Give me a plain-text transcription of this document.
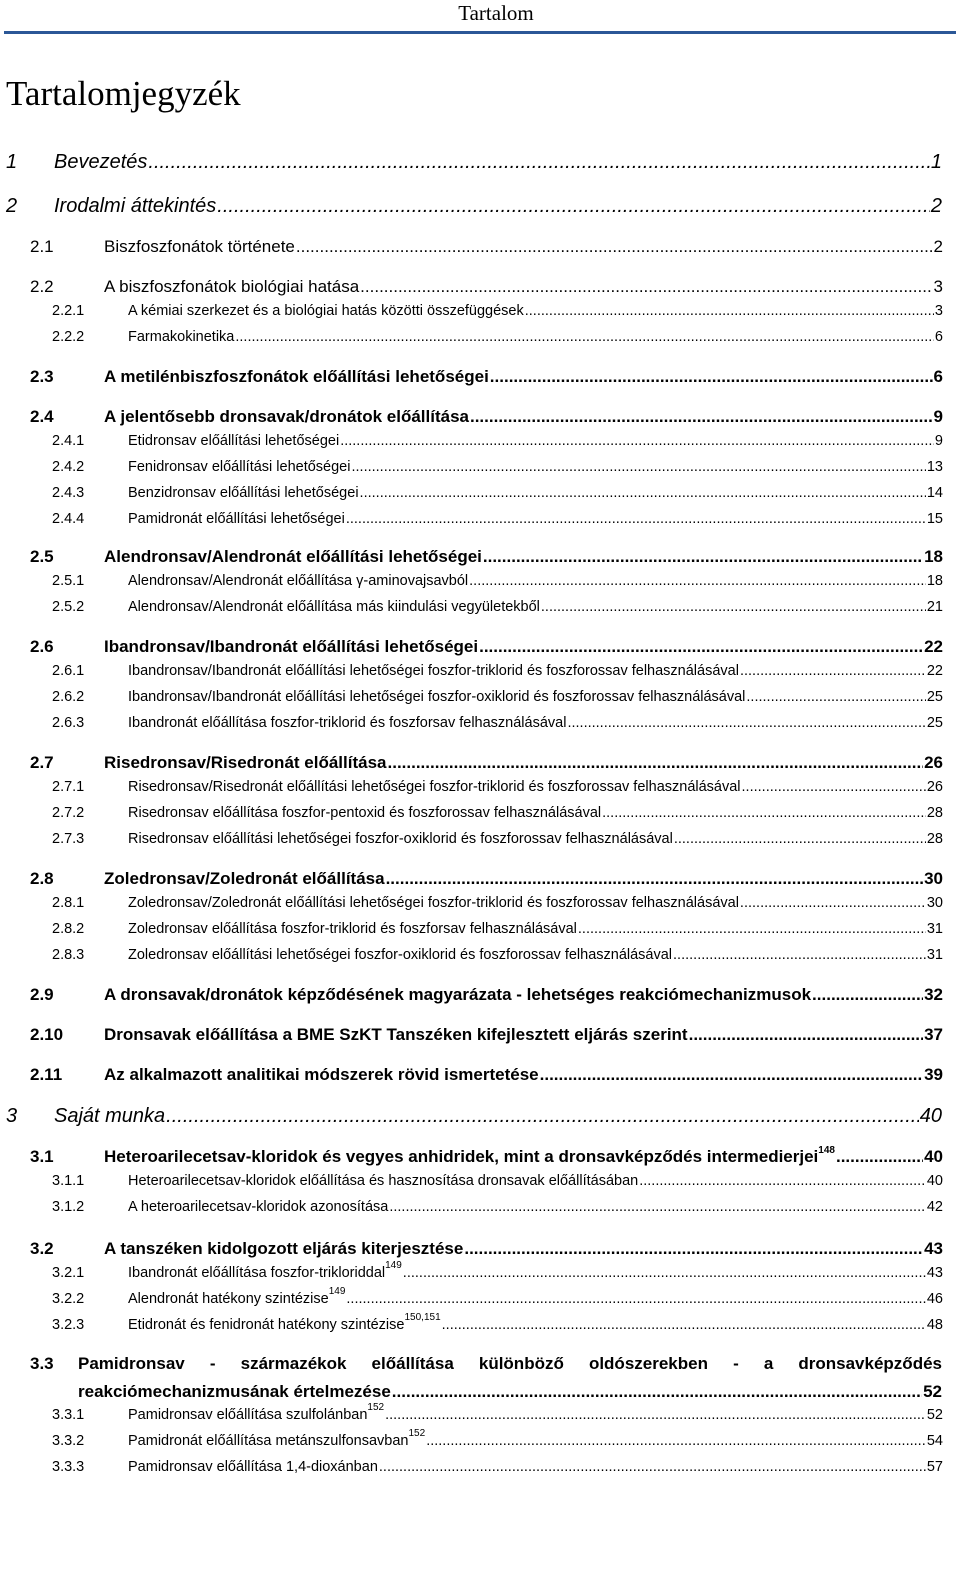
Tartalom
Tartalomjegyzék
1	Bevezetés .....	1
2	Irodalmi áttekintés .....	2
2.1	Biszfoszfonátok története .....	2
2.2	A biszfoszfonátok biológiai hatása .....	3
2.2.1	A kémiai szerkezet és a biológiai hatás közötti összefüggések .....	3
2.2.2	Farmakokinetika .....	6
2.3	A metilénbiszfoszfonátok előállítási lehetőségei .....	6
2.4	A jelentősebb dronsavak/dronátok előállítása .....	9
2.4.1	Etidronsav előállítási lehetőségei .....	9
2.4.2	Fenidronsav előállítási lehetőségei .....	13
2.4.3	Benzidronsav előállítási lehetőségei .....	14
2.4.4	Pamidronát előállítási lehetőségei .....	15
2.5	Alendronsav/Alendronát előállítási lehetőségei .....	18
2.5.1	Alendronsav/Alendronát előállítása γ-aminovajsavból .....	18
2.5.2	Alendronsav/Alendronát előállítása más kiindulási vegyületekből .....	21
2.6	Ibandronsav/Ibandronát előállítási lehetőségei .....	22
2.6.1	Ibandronsav/Ibandronát előállítási lehetőségei foszfor-triklorid és foszforossav felhasználásával .....	22
2.6.2	Ibandronsav/Ibandronát előállítási lehetőségei foszfor-oxiklorid és foszforossav felhasználásával .....	25
2.6.3	Ibandronát előállítása foszfor-triklorid és foszforsav felhasználásával .....	25
2.7	Risedronsav/Risedronát előállítása .....	26
2.7.1	Risedronsav/Risedronát előállítási lehetőségei foszfor-triklorid és foszforossav felhasználásával .....	26
2.7.2	Risedronsav előállítása foszfor-pentoxid és foszforossav felhasználásával .....	28
2.7.3	Risedronsav előállítási lehetőségei foszfor-oxiklorid és foszforossav felhasználásával .....	28
2.8	Zoledronsav/Zoledronát előállítása .....	30
2.8.1	Zoledronsav/Zoledronát előállítási lehetőségei foszfor-triklorid és foszforossav felhasználásával .....	30
2.8.2	Zoledronsav előállítása foszfor-triklorid és foszforsav felhasználásával .....	31
2.8.3	Zoledronsav előállítási lehetőségei foszfor-oxiklorid és foszforossav felhasználásával .....	31
2.9	A dronsavak/dronátok képződésének magyarázata - lehetséges reakciómechanizmusok .....	32
2.10	Dronsavak előállítása a BME SzKT Tanszéken kifejlesztett eljárás szerint .....	37
2.11	Az alkalmazott analitikai módszerek rövid ismertetése .....	39
3	Saját munka .....	40
3.1	Heteroarilecetsav-kloridok és vegyes anhidridek, mint a dronsavképződés intermedierjei$^{148}$ .....	40
3.1.1	Heteroarilecetsav-kloridok előállítása és hasznosítása dronsavak előállításában .....	40
3.1.2	A heteroarilecetsav-kloridok azonosítása .....	42
3.2	A tanszéken kidolgozott eljárás kiterjesztése .....	43
3.2.1	Ibandronát előállítása foszfor-trikloriddal$^{149}$ .....	43
3.2.2	Alendronát hatékony szintézise$^{149}$ .....	46
3.2.3	Etidronát és fenidronát hatékony szintézise$^{150,151}$ .....	48
3.3 Pamidronsav - származékok előállítása különböző oldószerekben - a dronsavképződés
reakciómechanizmusának értelmezése .....	52
3.3.1	Pamidronsav előállítása szulfolánban$^{152}$ .....	52
3.3.2	Pamidronát előállítása metánszulfonsavban$^{152}$ .....	54
3.3.3	Pamidronsav előállítása 1,4-dioxánban .....	57
